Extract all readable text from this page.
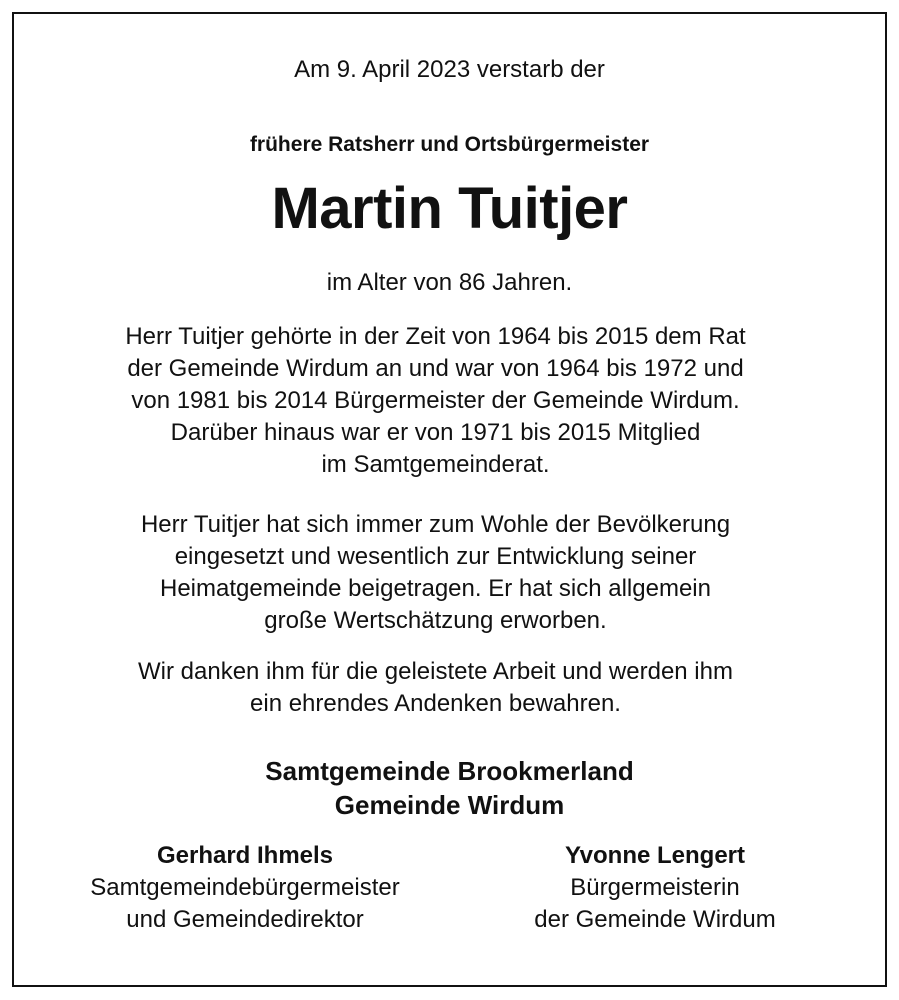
Am 9. April 2023 verstarb der
frühere Ratsherr und Ortsbürgermeister
Martin Tuitjer
im Alter von 86 Jahren.
Herr Tuitjer gehörte in der Zeit von 1964 bis 2015 dem Rat
der Gemeinde Wirdum an und war von 1964 bis 1972 und
von 1981 bis 2014 Bürgermeister der Gemeinde Wirdum.
Darüber hinaus war er von 1971 bis 2015 Mitglied
im Samtgemeinderat.
Herr Tuitjer hat sich immer zum Wohle der Bevölkerung
eingesetzt und wesentlich zur Entwicklung seiner
Heimatgemeinde beigetragen. Er hat sich allgemein
große Wertschätzung erworben.
Wir danken ihm für die geleistete Arbeit und werden ihm
ein ehrendes Andenken bewahren.
Samtgemeinde Brookmerland
Gemeinde Wirdum
Gerhard Ihmels
Samtgemeindebürgermeister
und Gemeindedirektor
Yvonne Lengert
Bürgermeisterin
der Gemeinde Wirdum
